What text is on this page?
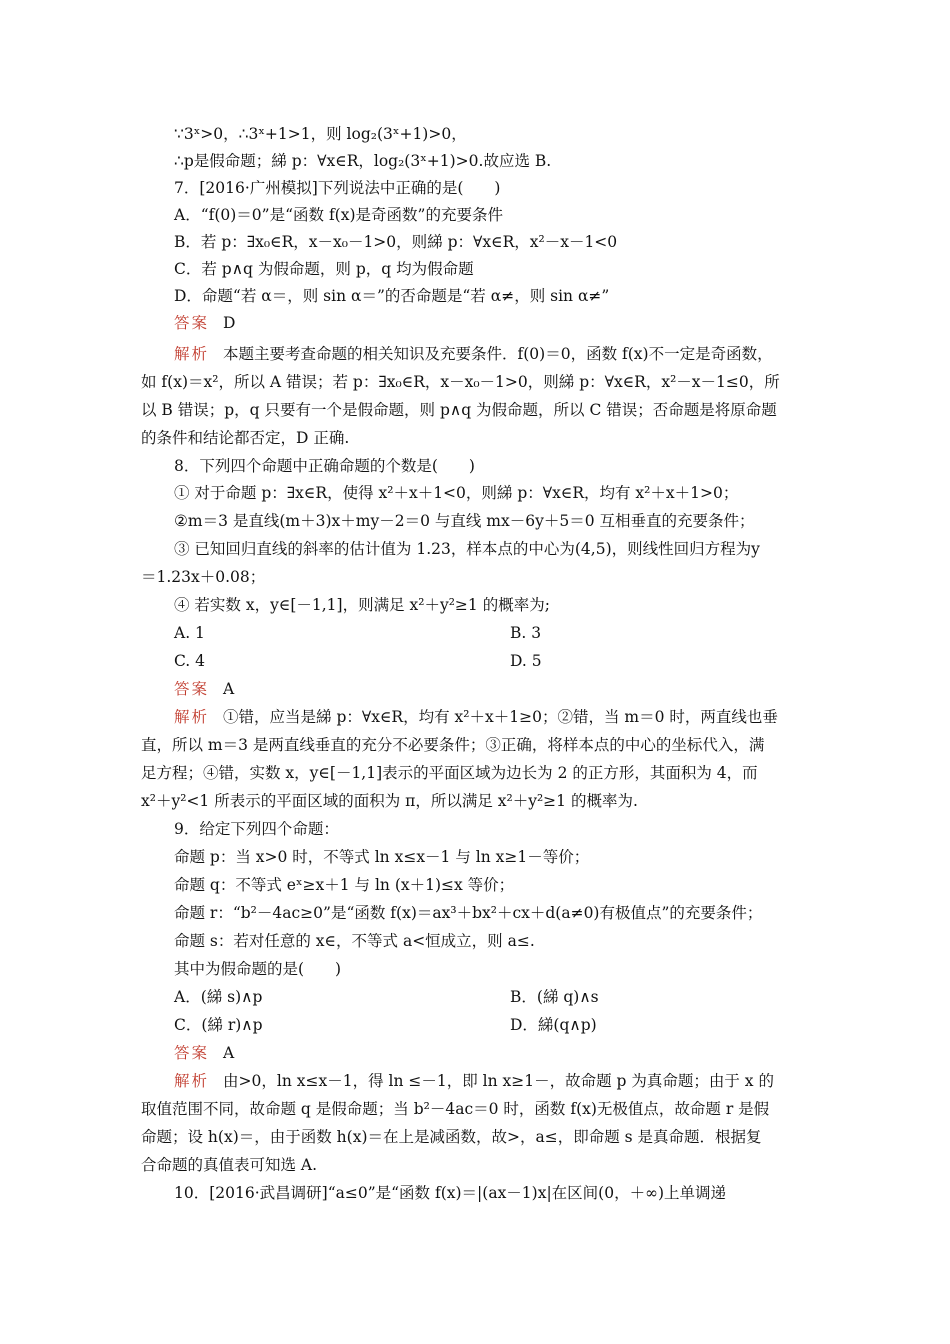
∵3ˣ>0，∴3ˣ+1>1，则 log₂(3ˣ+1)>0，
∴p是假命题；綈 p：∀x∈R，log₂(3ˣ+1)>0.故应选 B.
7．[2016·广州模拟]下列说法中正确的是(　　)
A．“f(0)＝0”是“函数 f(x)是奇函数”的充要条件
B．若 p：∃x₀∈R，x－x₀－1>0，则綈 p：∀x∈R，x²－x－1<0
C．若 p∧q 为假命题，则 p，q 均为假命题
D．命题“若 α＝，则 sin α＝”的否命题是“若 α≠，则 sin α≠”
答案 D
解析 本题主要考查命题的相关知识及充要条件．f(0)＝0，函数 f(x)不一定是奇函数，
如 f(x)＝x²，所以 A 错误；若 p：∃x₀∈R，x－x₀－1>0，则綈 p：∀x∈R，x²－x－1≤0，所
以 B 错误；p，q 只要有一个是假命题，则 p∧q 为假命题，所以 C 错误；否命题是将原命题
的条件和结论都否定，D 正确.
8．下列四个命题中正确命题的个数是(　　)
① 对于命题 p：∃x∈R，使得 x²＋x＋1<0，则綈 p：∀x∈R，均有 x²＋x＋1>0；
②m＝3 是直线(m＋3)x＋my－2＝0 与直线 mx－6y＋5＝0 互相垂直的充要条件；
③ 已知回归直线的斜率的估计值为 1.23，样本点的中心为(4,5)，则线性回归方程为y
＝1.23x＋0.08；
④ 若实数 x，y∈[－1,1]，则满足 x²＋y²≥1 的概率为;
A. 1	B. 3
C. 4	D. 5
答案 A
解析 ①错，应当是綈 p：∀x∈R，均有 x²＋x＋1≥0；②错，当 m＝0 时，两直线也垂
直，所以 m＝3 是两直线垂直的充分不必要条件；③正确，将样本点的中心的坐标代入，满
足方程；④错，实数 x，y∈[－1,1]表示的平面区域为边长为 2 的正方形，其面积为 4，而
x²＋y²<1 所表示的平面区域的面积为 π，所以满足 x²＋y²≥1 的概率为.
9．给定下列四个命题：
命题 p：当 x>0 时，不等式 ln x≤x－1 与 ln x≥1－等价；
命题 q：不等式 eˣ≥x＋1 与 ln (x＋1)≤x 等价；
命题 r：“b²－4ac≥0”是“函数 f(x)＝ax³＋bx²＋cx＋d(a≠0)有极值点”的充要条件；
命题 s：若对任意的 x∈，不等式 a<恒成立，则 a≤.
其中为假命题的是(　　)
A．(綈 s)∧p	B．(綈 q)∧s
C．(綈 r)∧p	D．綈(q∧p)
答案 A
解析 由>0，ln x≤x－1，得 ln ≤－1，即 ln x≥1－，故命题 p 为真命题；由于 x 的
取值范围不同，故命题 q 是假命题；当 b²－4ac＝0 时，函数 f(x)无极值点，故命题 r 是假
命题；设 h(x)＝，由于函数 h(x)＝在上是减函数，故>，a≤，即命题 s 是真命题．根据复
合命题的真值表可知选 A.
10．[2016·武昌调研]“a≤0”是“函数 f(x)＝|(ax－1)x|在区间(0，＋∞)上单调递
